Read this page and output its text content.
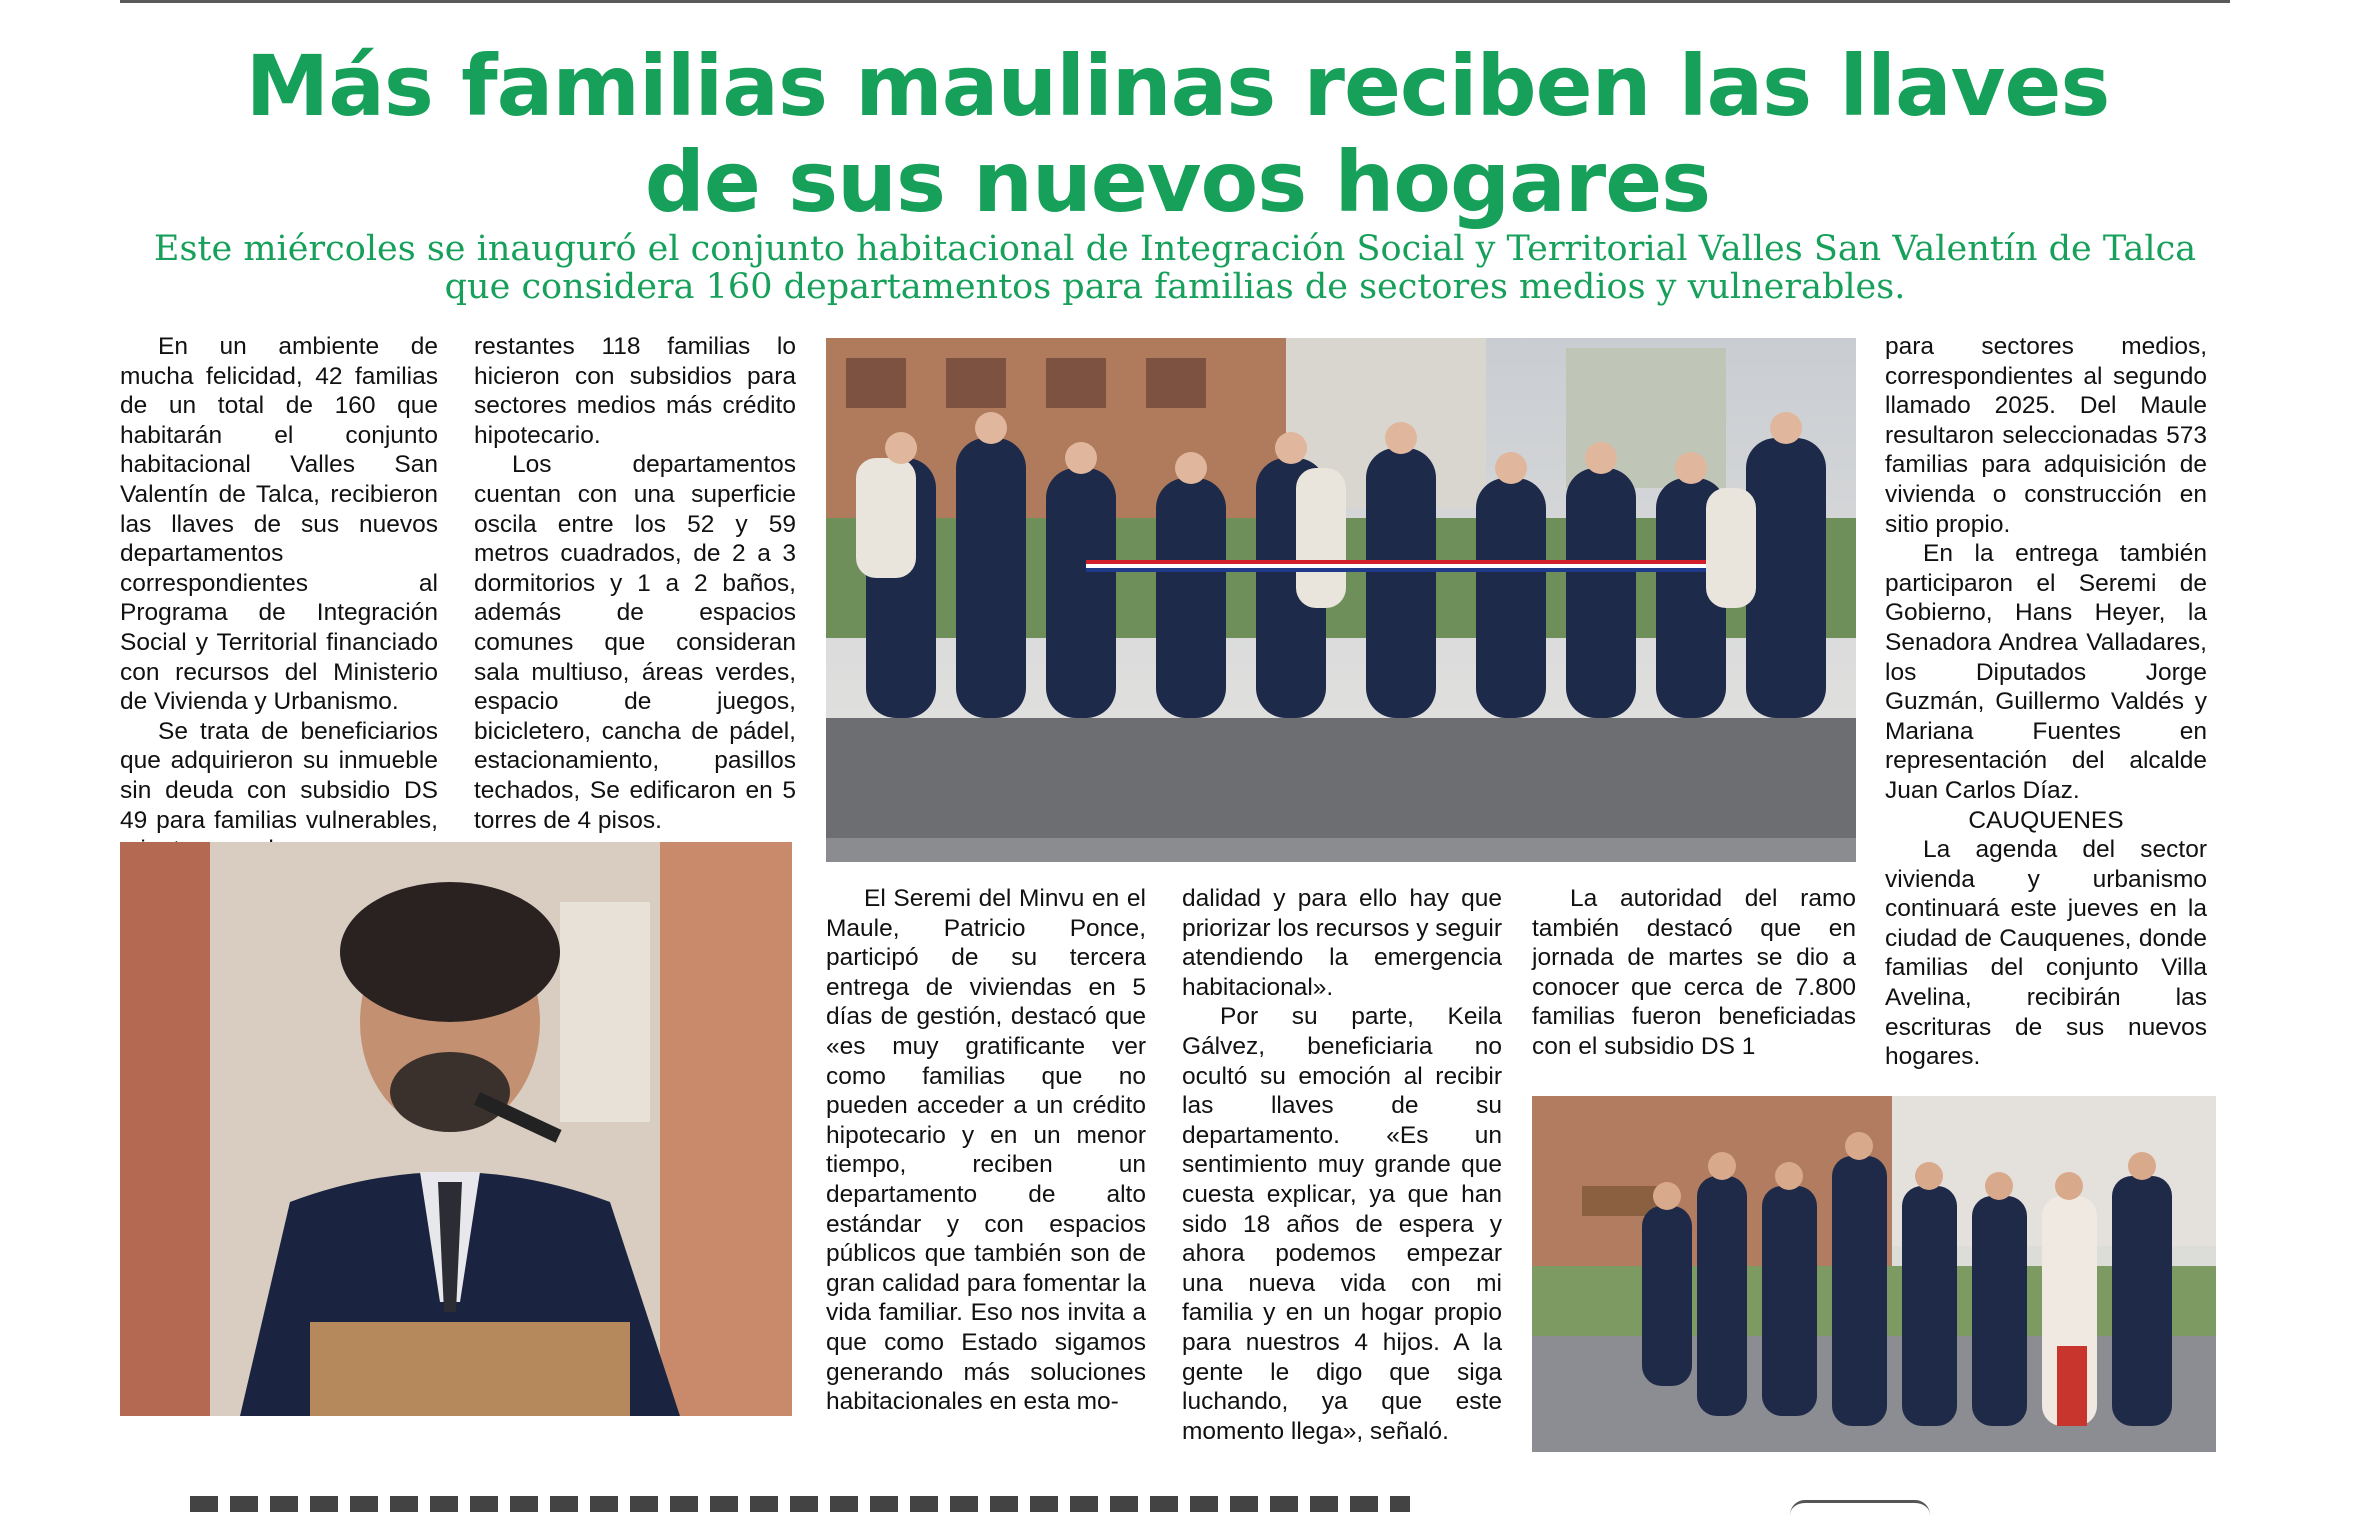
Más familias maulinas reciben las llaves
de sus nuevos hogares

Este miércoles se inauguró el conjunto habitacional de Integración Social y Territorial Valles San Valentín de Talca que considera 160 departamentos para familias de sectores medios y vulnerables.

En un ambiente de mucha felicidad, 42 familias de un total de 160 que habitarán el conjunto habitacional Valles San Valentín de Talca, recibieron las llaves de sus nuevos departamentos correspondientes al Programa de Integración Social y Territorial financiado con recursos del Ministerio de Vivienda y Urbanismo.

Se trata de beneficiarios que adquirieron su inmueble sin deuda con subsidio DS 49 para familias vulnerables,

restantes 118 familias lo hicieron con subsidios para sectores medios más crédito hipotecario.

Los departamentos cuentan con una superficie oscila entre los 52 y 59 metros cuadrados, de 2 a 3 dormitorios y 1 a 2 baños, además de espacios comunes que consideran sala multiuso, áreas verdes, espacio de juegos, bicicletero, cancha de pádel, estacionamiento, pasillos techados, Se edificaron en 5 torres de 4 pisos.

para sectores medios, correspondientes al segundo llamado 2025. Del Maule resultaron seleccionadas 573 familias para adquisición de vivienda o construcción en sitio propio.

En la entrega también participaron el Seremi de Gobierno, Hans Heyer, la Senadora Andrea Valladares, los Diputados Jorge Guzmán, Guillermo Valdés y Mariana Fuentes en representación del alcalde Juan Carlos Díaz.

CAUQUENES

La agenda del sector vivienda y urbanismo continuará este jueves en la ciudad de Cauquenes, donde familias del conjunto Villa Avelina, recibirán las escrituras de sus nuevos hogares.

El Seremi del Minvu en el Maule, Patricio Ponce, participó de su tercera entrega de viviendas en 5 días de gestión, destacó que «es muy gratificante ver como familias que no pueden acceder a un crédito hipotecario y en un menor tiempo, reciben un departamento de alto estándar y con espacios públicos que también son de gran calidad para fomentar la vida familiar. Eso nos invita a que como Estado sigamos generando más soluciones habitacionales en esta mo-

dalidad y para ello hay que priorizar los recursos y seguir atendiendo la emergencia habitacional».

Por su parte, Keila Gálvez, beneficiaria no ocultó su emoción al recibir las llaves de su departamento. «Es un sentimiento muy grande que cuesta explicar, ya que han sido 18 años de espera y ahora podemos empezar una nueva vida con mi familia y en un hogar propio para nuestros 4 hijos. A la gente le digo que siga luchando, ya que este momento llega», señaló.

La autoridad del ramo también destacó que en jornada de martes se dio a conocer que cerca de 7.800 familias fueron beneficiadas con el subsidio DS 1
